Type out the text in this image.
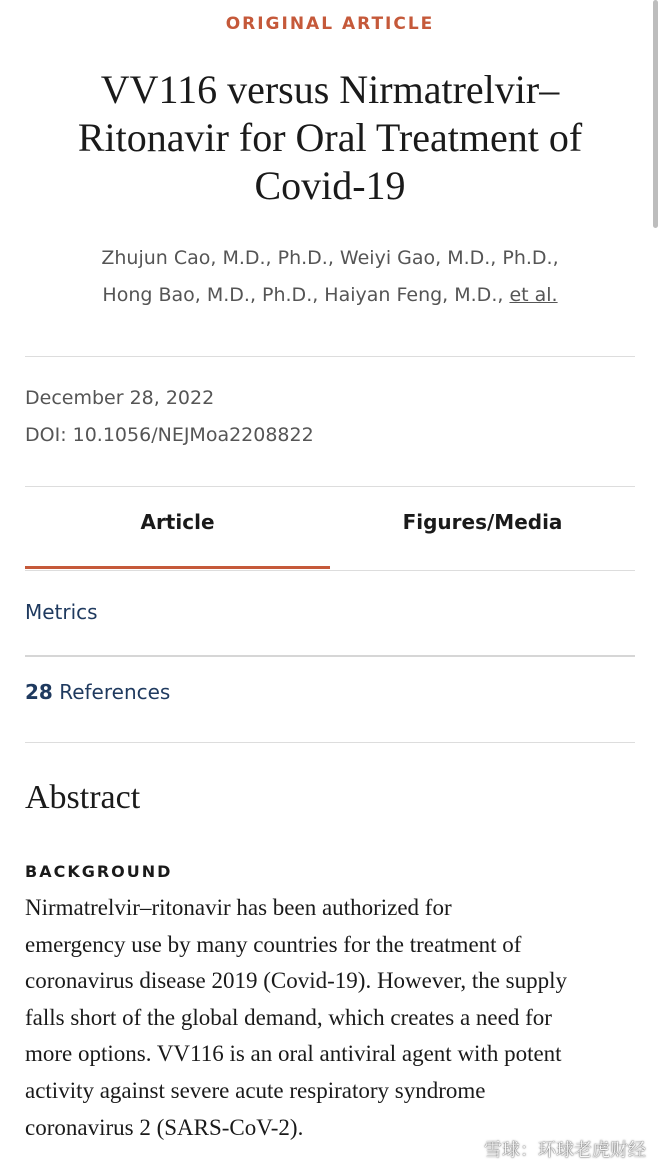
ORIGINAL ARTICLE
VV116 versus Nirmatrelvir–
Ritonavir for Oral Treatment of
Covid-19
Zhujun Cao, M.D., Ph.D., Weiyi Gao, M.D., Ph.D.,
Hong Bao, M.D., Ph.D., Haiyan Feng, M.D., et al.
December 28, 2022
DOI: 10.1056/NEJMoa2208822
Article	Figures/Media
Metrics
28 References
Abstract
BACKGROUND
Nirmatrelvir–ritonavir has been authorized for
emergency use by many countries for the treatment of
coronavirus disease 2019 (Covid-19). However, the supply
falls short of the global demand, which creates a need for
more options. VV116 is an oral antiviral agent with potent
activity against severe acute respiratory syndrome
coronavirus 2 (SARS-CoV-2).
雪球：环球老虎财经
